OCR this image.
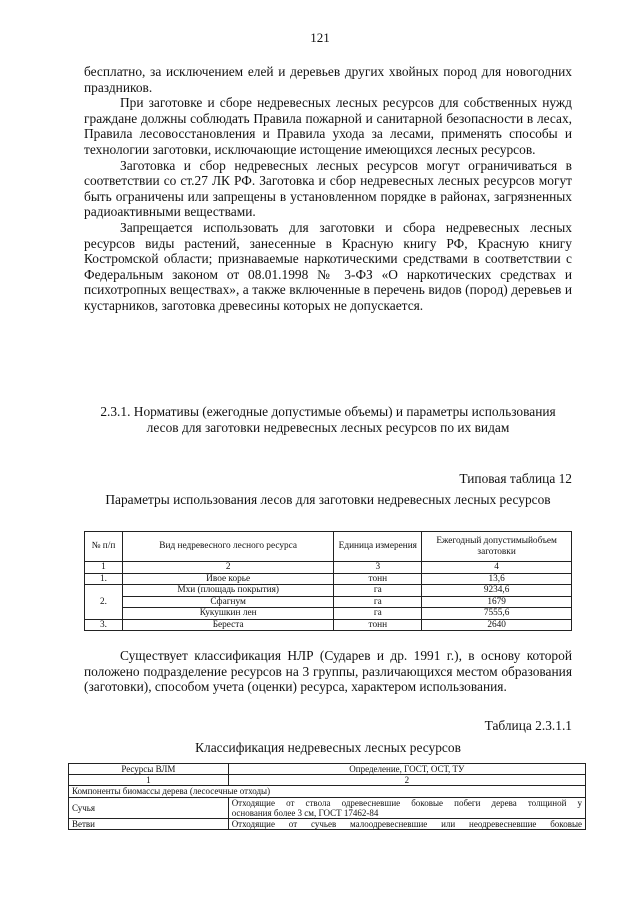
121

бесплатно, за исключением елей и деревьев других хвойных пород для новогодних праздников.

При заготовке и сборе недревесных лесных ресурсов для собственных нужд граждане должны соблюдать Правила пожарной и санитарной безопасности в лесах, Правила лесовосстановления и Правила ухода за лесами, применять способы и технологии заготовки, исключающие истощение имеющихся лесных ресурсов.

Заготовка и сбор недревесных лесных ресурсов могут ограничиваться в соответствии со ст.27 ЛК РФ. Заготовка и сбор недревесных лесных ресурсов могут быть ограничены или запрещены в установленном порядке в районах, загрязненных радиоактивными веществами.

Запрещается использовать для заготовки и сбора недревесных лесных ресурсов виды растений, занесенные в Красную книгу РФ, Красную книгу Костромской области; признаваемые наркотическими средствами в соответствии с Федеральным законом от 08.01.1998 № 3-ФЗ «О наркотических средствах и психотропных веществах», а также включенные в перечень видов (пород) деревьев и кустарников, заготовка древесины которых не допускается.

2.3.1. Нормативы (ежегодные допустимые объемы) и параметры использования лесов для заготовки недревесных лесных ресурсов по их видам
Типовая таблица 12
Параметры использования лесов для заготовки недревесных лесных ресурсов
№ п/п	Вид недревесного лесного ресурса	Единица измерения	Ежегодный допустимыйобъем заготовки
1	2	3	4
1.	Ивое корье	тонн	13,6
2.	Мхи (площадь покрытия)	га	9234,6
	Сфагнум	га	1679
	Кукушкин лен	га	7555,6
3.	Береста	тонн	2640
Существует классификация НЛР (Сударев и др. 1991 г.), в основу которой положено подразделение ресурсов на 3 группы, различающихся местом образования (заготовки), способом учета (оценки) ресурса, характером использования.
Таблица 2.3.1.1
Классификация недревесных лесных ресурсов
Ресурсы ВЛМ	Определение, ГОСТ, ОСТ, ТУ
1	2
Компоненты биомассы дерева (лесосечные отходы)	
Сучья	Отходящие от ствола одревесневшие боковые побеги дерева толщиной у
основания более 3 см, ГОСТ 17462-84

Ветви	Отходящие от сучьев малоодревесневшие или неодревесневшие боковые
